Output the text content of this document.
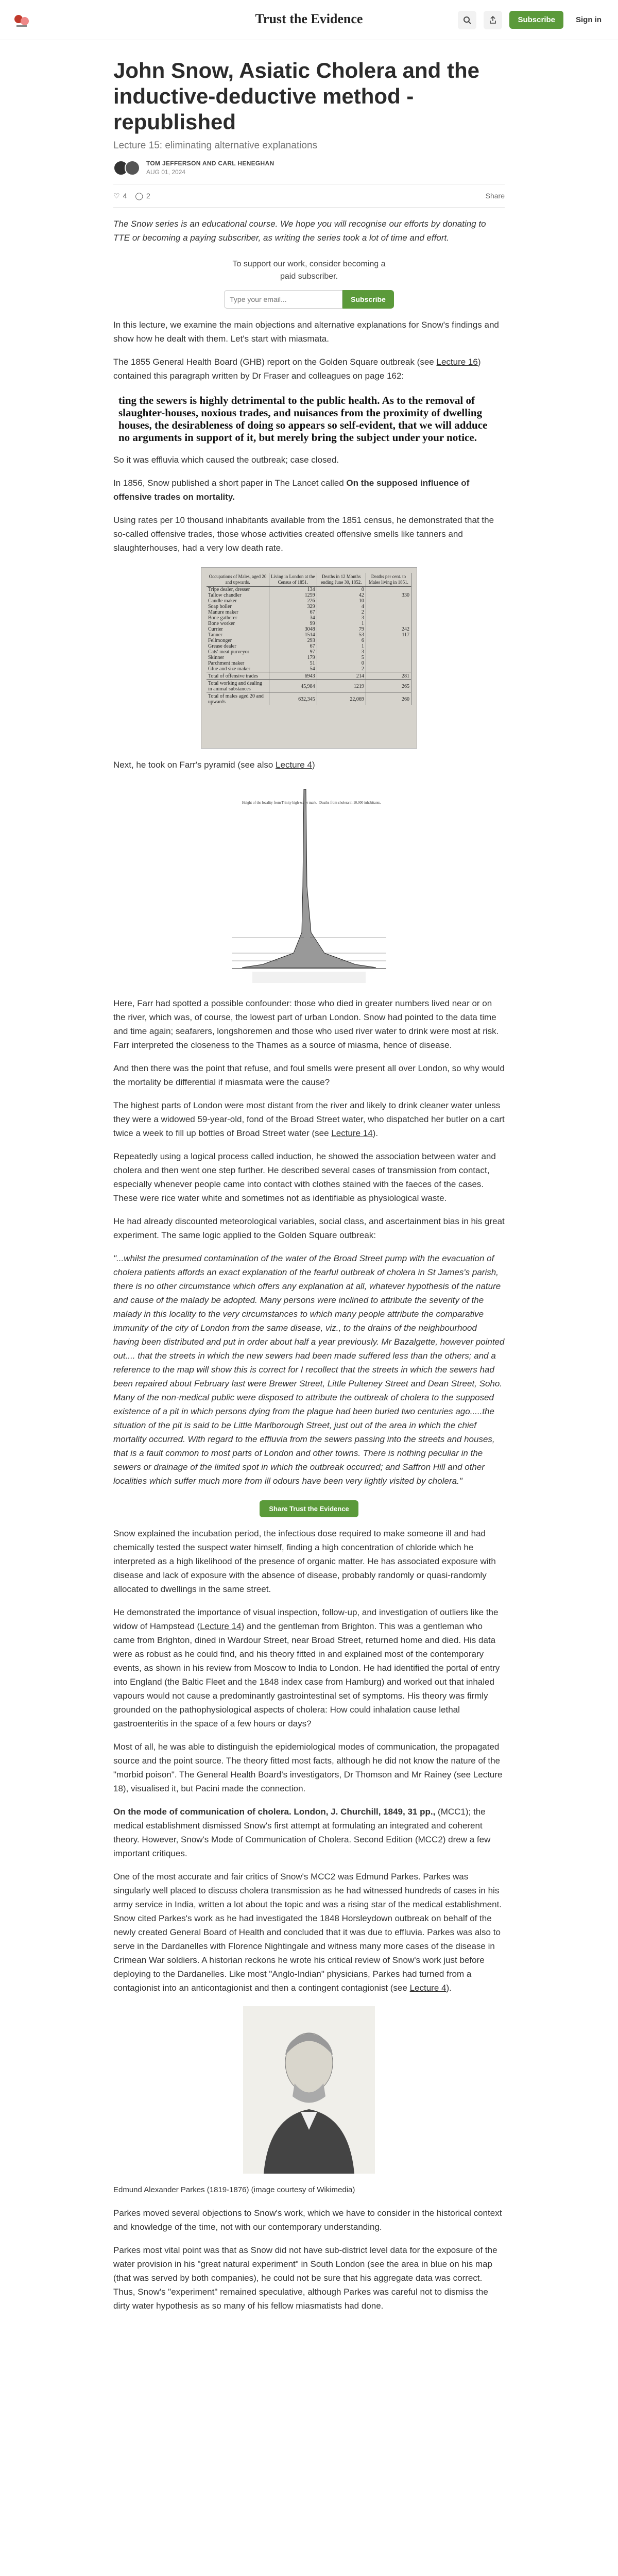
Trust the Evidence	Subscribe	Sign in
John Snow, Asiatic Cholera and the inductive-deductive method - republished
Lecture 15: eliminating alternative explanations
TOM JEFFERSON AND CARL HENEGHAN
AUG 01, 2024
♡ 4 ◯ 2	Share

The Snow series is an educational course. We hope you will recognise our efforts by donating to TTE or becoming a paying subscriber, as writing the series took a lot of time and effort.

To support our work, consider becoming a
paid subscriber.
Type your email...
Subscribe

In this lecture, we examine the main objections and alternative explanations for Snow's findings and show how he dealt with them. Let's start with miasmata.

The 1855 General Health Board (GHB) report on the Golden Square outbreak (see Lecture 16) contained this paragraph written by Dr Fraser and colleagues on page 162:

ting the sewers is highly detrimental to the public health. As to the removal of slaughter-houses, noxious trades, and nuisances from the proximity of dwelling houses, the desirableness of doing so appears so self-evident, that we will adduce no arguments in support of it, but merely bring the subject under your notice.

So it was effluvia which caused the outbreak; case closed.

In 1856, Snow published a short paper in The Lancet called On the supposed influence of offensive trades on mortality.

Using rates per 10 thousand inhabitants available from the 1851 census, he demonstrated that the so-called offensive trades, those whose activities created offensive smells like tanners and slaughterhouses, had a very low death rate.

Occupations of Males, aged 20 and upwards.	Living in London at the Census of 1851.	Deaths in 12 Months ending June 30, 1852.	Deaths per cent. to Males living in 1851.
Tripe dealer, dresser	134	0	
Tallow chandler	1259	42	330
Candle maker	226	10	
Soap boiler	329	4	
Manure maker	67	2	
Bone gatherer	34	3	
Bone worker	99	1	
Currier	3048	79	242
Tanner	1514	53	117
Fellmonger	293	6	
Grease dealer	67	1	
Cats' meat purveyor	97	3	
Skinner	179	5	
Parchment maker	51	0	
Glue and size maker	54	2	
Total of offensive trades	6943	214	281
Total working and dealing in animal substances	45,984	1219	265
Total of males aged 20 and upwards	632,345	22,069	260

Next, he took on Farr's pyramid (see also Lecture 4)

Height of the locality from Trinity high-water mark. Deaths from cholera in 10,000 inhabitants.

Here, Farr had spotted a possible confounder: those who died in greater numbers lived near or on the river, which was, of course, the lowest part of urban London. Snow had pointed to the data time and time again; seafarers, longshoremen and those who used river water to drink were most at risk. Farr interpreted the closeness to the Thames as a source of miasma, hence of disease.

And then there was the point that refuse, and foul smells were present all over London, so why would the mortality be differential if miasmata were the cause?

The highest parts of London were most distant from the river and likely to drink cleaner water unless they were a widowed 59-year-old, fond of the Broad Street water, who dispatched her butler on a cart twice a week to fill up bottles of Broad Street water (see Lecture 14).

Repeatedly using a logical process called induction, he showed the association between water and cholera and then went one step further. He described several cases of transmission from contact, especially whenever people came into contact with clothes stained with the faeces of the cases. These were rice water white and sometimes not as identifiable as physiological waste.

He had already discounted meteorological variables, social class, and ascertainment bias in his great experiment. The same logic applied to the Golden Square outbreak:

"...whilst the presumed contamination of the water of the Broad Street pump with the evacuation of cholera patients affords an exact explanation of the fearful outbreak of cholera in St James's parish, there is no other circumstance which offers any explanation at all, whatever hypothesis of the nature and cause of the malady be adopted. Many persons were inclined to attribute the severity of the malady in this locality to the very circumstances to which many people attribute the comparative immunity of the city of London from the same disease, viz., to the drains of the neighbourhood having been distributed and put in order about half a year previously. Mr Bazalgette, however pointed out.... that the streets in which the new sewers had been made suffered less than the others; and a reference to the map will show this is correct for I recollect that the streets in which the sewers had been repaired about February last were Brewer Street, Little Pulteney Street and Dean Street, Soho. Many of the non-medical public were disposed to attribute the outbreak of cholera to the supposed existence of a pit in which persons dying from the plague had been buried two centuries ago.....the situation of the pit is said to be Little Marlborough Street, just out of the area in which the chief mortality occurred. With regard to the effluvia from the sewers passing into the streets and houses, that is a fault common to most parts of London and other towns. There is nothing peculiar in the sewers or drainage of the limited spot in which the outbreak occurred; and Saffron Hill and other localities which suffer much more from ill odours have been very lightly visited by cholera."

Share Trust the Evidence

Snow explained the incubation period, the infectious dose required to make someone ill and had chemically tested the suspect water himself, finding a high concentration of chloride which he interpreted as a high likelihood of the presence of organic matter. He has associated exposure with disease and lack of exposure with the absence of disease, probably randomly or quasi-randomly allocated to dwellings in the same street.

He demonstrated the importance of visual inspection, follow-up, and investigation of outliers like the widow of Hampstead (Lecture 14) and the gentleman from Brighton. This was a gentleman who came from Brighton, dined in Wardour Street, near Broad Street, returned home and died. His data were as robust as he could find, and his theory fitted in and explained most of the contemporary events, as shown in his review from Moscow to India to London. He had identified the portal of entry into England (the Baltic Fleet and the 1848 index case from Hamburg) and worked out that inhaled vapours would not cause a predominantly gastrointestinal set of symptoms. His theory was firmly grounded on the pathophysiological aspects of cholera: How could inhalation cause lethal gastroenteritis in the space of a few hours or days?

Most of all, he was able to distinguish the epidemiological modes of communication, the propagated source and the point source. The theory fitted most facts, although he did not know the nature of the "morbid poison". The General Health Board's investigators, Dr Thomson and Mr Rainey (see Lecture 18), visualised it, but Pacini made the connection.

On the mode of communication of cholera. London, J. Churchill, 1849, 31 pp., (MCC1); the medical establishment dismissed Snow's first attempt at formulating an integrated and coherent theory. However, Snow's Mode of Communication of Cholera. Second Edition (MCC2) drew a few important critiques.

One of the most accurate and fair critics of Snow's MCC2 was Edmund Parkes. Parkes was singularly well placed to discuss cholera transmission as he had witnessed hundreds of cases in his army service in India, written a lot about the topic and was a rising star of the medical establishment. Snow cited Parkes's work as he had investigated the 1848 Horsleydown outbreak on behalf of the newly created General Board of Health and concluded that it was due to effluvia. Parkes was also to serve in the Dardanelles with Florence Nightingale and witness many more cases of the disease in Crimean War soldiers. A historian reckons he wrote his critical review of Snow's work just before deploying to the Dardanelles. Like most "Anglo-Indian" physicians, Parkes had turned from a contagionist into an anticontagionist and then a contingent contagionist (see Lecture 4).

Edmund Alexander Parkes (1819-1876) (image courtesy of Wikimedia)

Parkes moved several objections to Snow's work, which we have to consider in the historical context and knowledge of the time, not with our contemporary understanding.

Parkes most vital point was that as Snow did not have sub-district level data for the exposure of the water provision in his "great natural experiment" in South London (see the area in blue on his map (that was served by both companies), he could not be sure that his aggregate data was correct. Thus, Snow's "experiment" remained speculative, although Parkes was careful not to dismiss the dirty water hypothesis as so many of his fellow miasmatists had done.
